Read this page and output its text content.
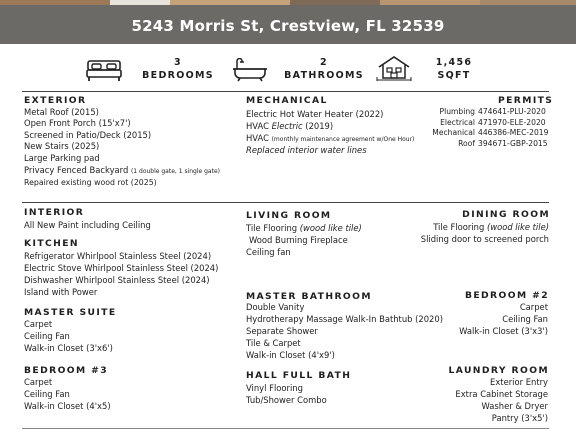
5243 Morris St, Crestview, FL 32539
3
BEDROOMS
2
BATHROOMS
1,456
SQFT
EXTERIOR
Metal Roof (2015)
Open Front Porch (15'x7')
Screened in Patio/Deck (2015)
New Stairs (2025)
Large Parking pad
Privacy Fenced Backyard (1 double gate, 1 single gate)
Repaired existing wood rot (2025)
MECHANICAL
Electric Hot Water Heater (2022)
HVAC Electric (2019)
HVAC (monthly maintenance agreement w/One Hour)
Replaced interior water lines
PERMITS
Plumbing 474641-PLU-2020
Electrical 471970-ELE-2020
Mechanical 446386-MEC-2019
Roof 394671-GBP-2015
INTERIOR
All New Paint including Ceiling
KITCHEN
Refrigerator Whirlpool Stainless Steel (2024)
Electric Stove Whirlpool Stainless Steel (2024)
Dishwasher Whirlpool Stainless Steel (2024)
Island with Power
MASTER SUITE
Carpet
Ceiling Fan
Walk-in Closet (3'x6')
BEDROOM #3
Carpet
Ceiling Fan
Walk-in Closet (4'x5)
LIVING ROOM
Tile Flooring (wood like tile)
Wood Burning Fireplace
Ceiling fan
DINING ROOM
Tile Flooring (wood like tile)
Sliding door to screened porch
MASTER BATHROOM
Double Vanity
Hydrotherapy Massage Walk-In Bathtub (2020)
Separate Shower
Tile & Carpet
Walk-in Closet (4'x9')
BEDROOM #2
Carpet
Ceiling Fan
Walk-in Closet (3'x3')
HALL FULL BATH
Vinyl Flooring
Tub/Shower Combo
LAUNDRY ROOM
Exterior Entry
Extra Cabinet Storage
Washer & Dryer
Pantry (3'x5')
